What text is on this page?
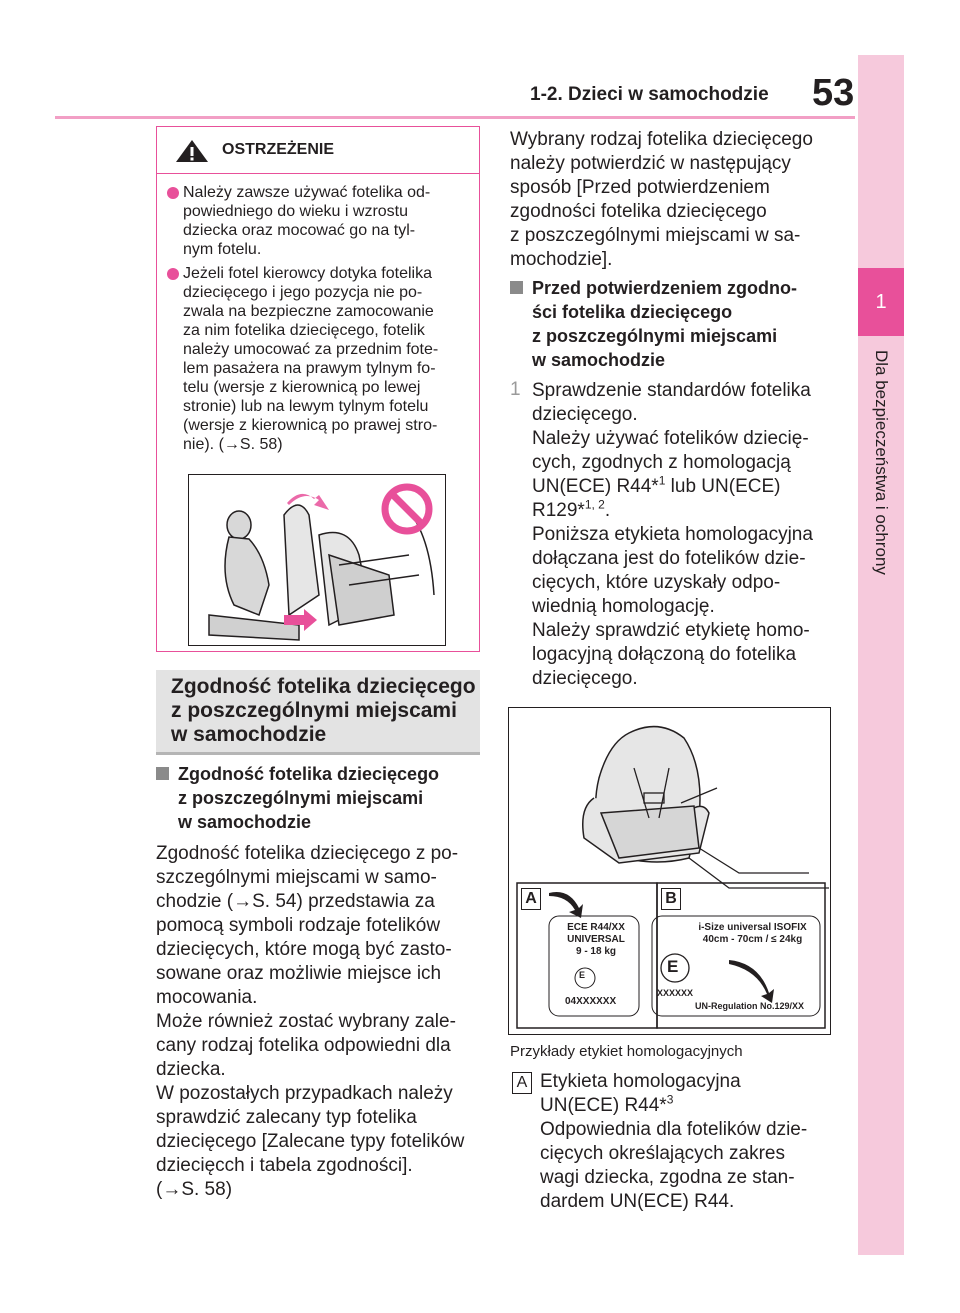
1-2. Dzieci w samochodzie 53
1
Dla bezpieczeństwa i ochrony
OSTRZEŻENIE
Należy zawsze używać fotelika od-
powiedniego do wieku i wzrostu
dziecka oraz mocować go na tyl-
nym fotelu.
Jeżeli fotel kierowcy dotyka fotelika
dziecięcego i jego pozycja nie po-
zwala na bezpieczne zamocowanie
za nim fotelika dziecięcego, fotelik
należy umocować za przednim fote-
lem pasażera na prawym tylnym fo-
telu (wersje z kierownicą po lewej
stronie) lub na lewym tylnym fotelu
(wersje z kierownicą po prawej stro-
nie). (→S. 58)
Zgodność fotelika dziecięcego
z poszczególnymi miejscami
w samochodzie
Zgodność fotelika dziecięcego
z poszczególnymi miejscami
w samochodzie
Zgodność fotelika dziecięcego z po-
szczególnymi miejscami w samo-
chodzie (→S. 54) przedstawia za
pomocą symboli rodzaje fotelików
dziecięcych, które mogą być zasto-
sowane oraz możliwie miejsce ich
mocowania.
Może również zostać wybrany zale-
cany rodzaj fotelika odpowiedni dla
dziecka.
W pozostałych przypadkach należy
sprawdzić zalecany typ fotelika
dziecięcego [Zalecane typy fotelików
dziecięcch i tabela zgodności].
(→S. 58)
Wybrany rodzaj fotelika dziecięcego
należy potwierdzić w następujący
sposób [Przed potwierdzeniem
zgodności fotelika dziecięcego
z poszczególnymi miejscami w sa-
mochodzie].
Przed potwierdzeniem zgodno-
ści fotelika dziecięcego
z poszczególnymi miejscami
w samochodzie
1 Sprawdzenie standardów fotelika
dziecięcego.
Należy używać fotelików dziecię-
cych, zgodnych z homologacją
UN(ECE) R44*$^1$ lub UN(ECE)
R129*$^{1, 2}$.
Poniższa etykieta homologacyjna
dołączana jest do fotelików dzie-
cięcych, które uzyskały odpo-
wiednią homologację.
Należy sprawdzić etykietę homo-
logacyjną dołączoną do fotelika
dziecięcego.
A	B
ECE R44/XX
UNIVERSAL
9 - 18 kg
E
04XXXXXX
i-Size universal ISOFIX
40cm - 70cm / ≤ 24kg
E
XXXXXX
UN-Regulation No.129/XX
Przykłady etykiet homologacyjnych
A Etykieta homologacyjna
UN(ECE) R44*$^3$
Odpowiednia dla fotelików dzie-
cięcych określających zakres
wagi dziecka, zgodna ze stan-
dardem UN(ECE) R44.
